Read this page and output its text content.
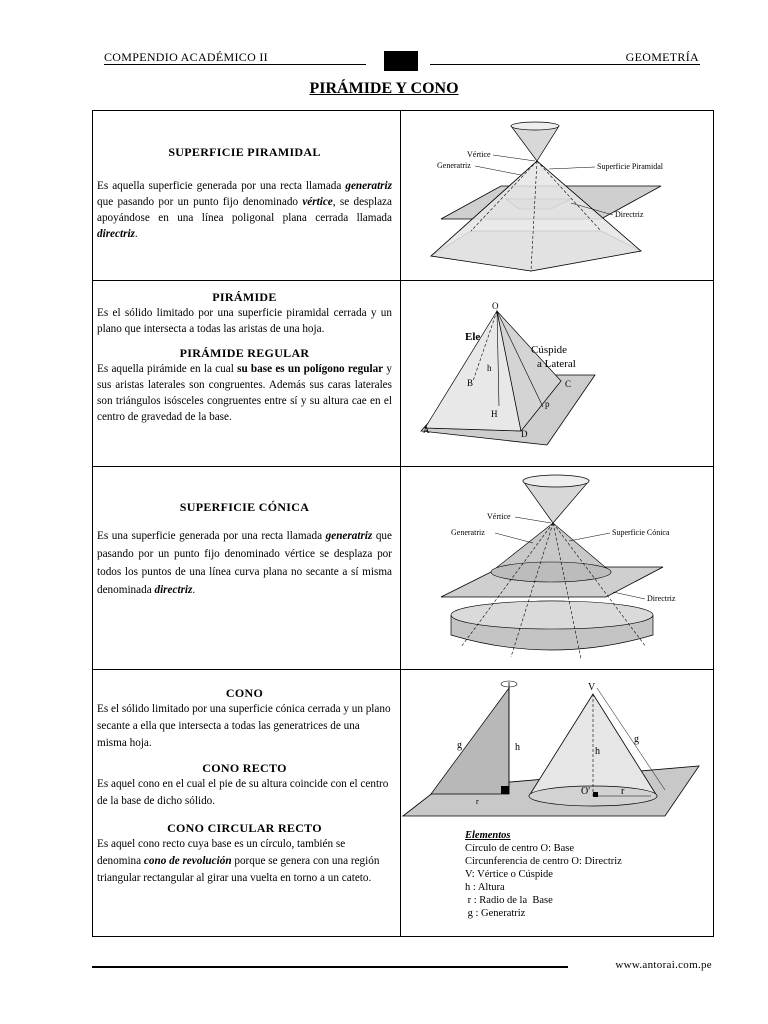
COMPENDIO ACADÉMICO II	GEOMETRÍA
PIRÁMIDE Y CONO
SUPERFICIE PIRAMIDAL
Es aquella superficie generada por una recta llamada generatriz que pasando por un punto fijo denominado vértice, se desplaza apoyándose en una línea poligonal plana cerrada llamada directriz.
PIRÁMIDE
Es el sólido limitado por una superficie piramidal cerrada y un plano que intersecta a todas las aristas de una hoja.
PIRÁMIDE REGULAR
Es aquella pirámide en la cual su base es un polígono regular y sus aristas laterales son congruentes. Además sus caras laterales son triángulos isósceles congruentes entre sí y su altura cae en el centro de gravedad de la base.
SUPERFICIE CÓNICA
Es una superficie generada por una recta llamada generatriz que pasando por un punto fijo denominado vértice se desplaza por todos los puntos de una línea curva plana no secante a sí misma denominada directriz.
CONO
Es el sólido limitado por una superficie cónica cerrada y un plano secante a ella que intersecta a todas las generatrices de una misma hoja.
CONO RECTO
Es aquel cono en el cual el pie de su altura coincide con el centro de la base de dicho sólido.
CONO CIRCULAR RECTO
Es aquel cono recto cuya base es un círculo, también se denomina cono de revolución porque se genera con una región triangular rectangular al girar una vuelta en torno a un cateto.
Vértice
Generatriz	Superficie Piramidal
Directriz
O
A
B	C
D
H
h
p
Ele
Cúspide
a Lateral
Vértice
Generatriz	Superficie Cónica
Directriz
g	h
r
V
h
g
O'	r
Elementos
Círculo de centro O: Base
Circunferencia de centro O: Directriz
V: Vértice o Cúspide
h : Altura
r : Radio de la  Base
g : Generatriz
www.antorai.com.pe
